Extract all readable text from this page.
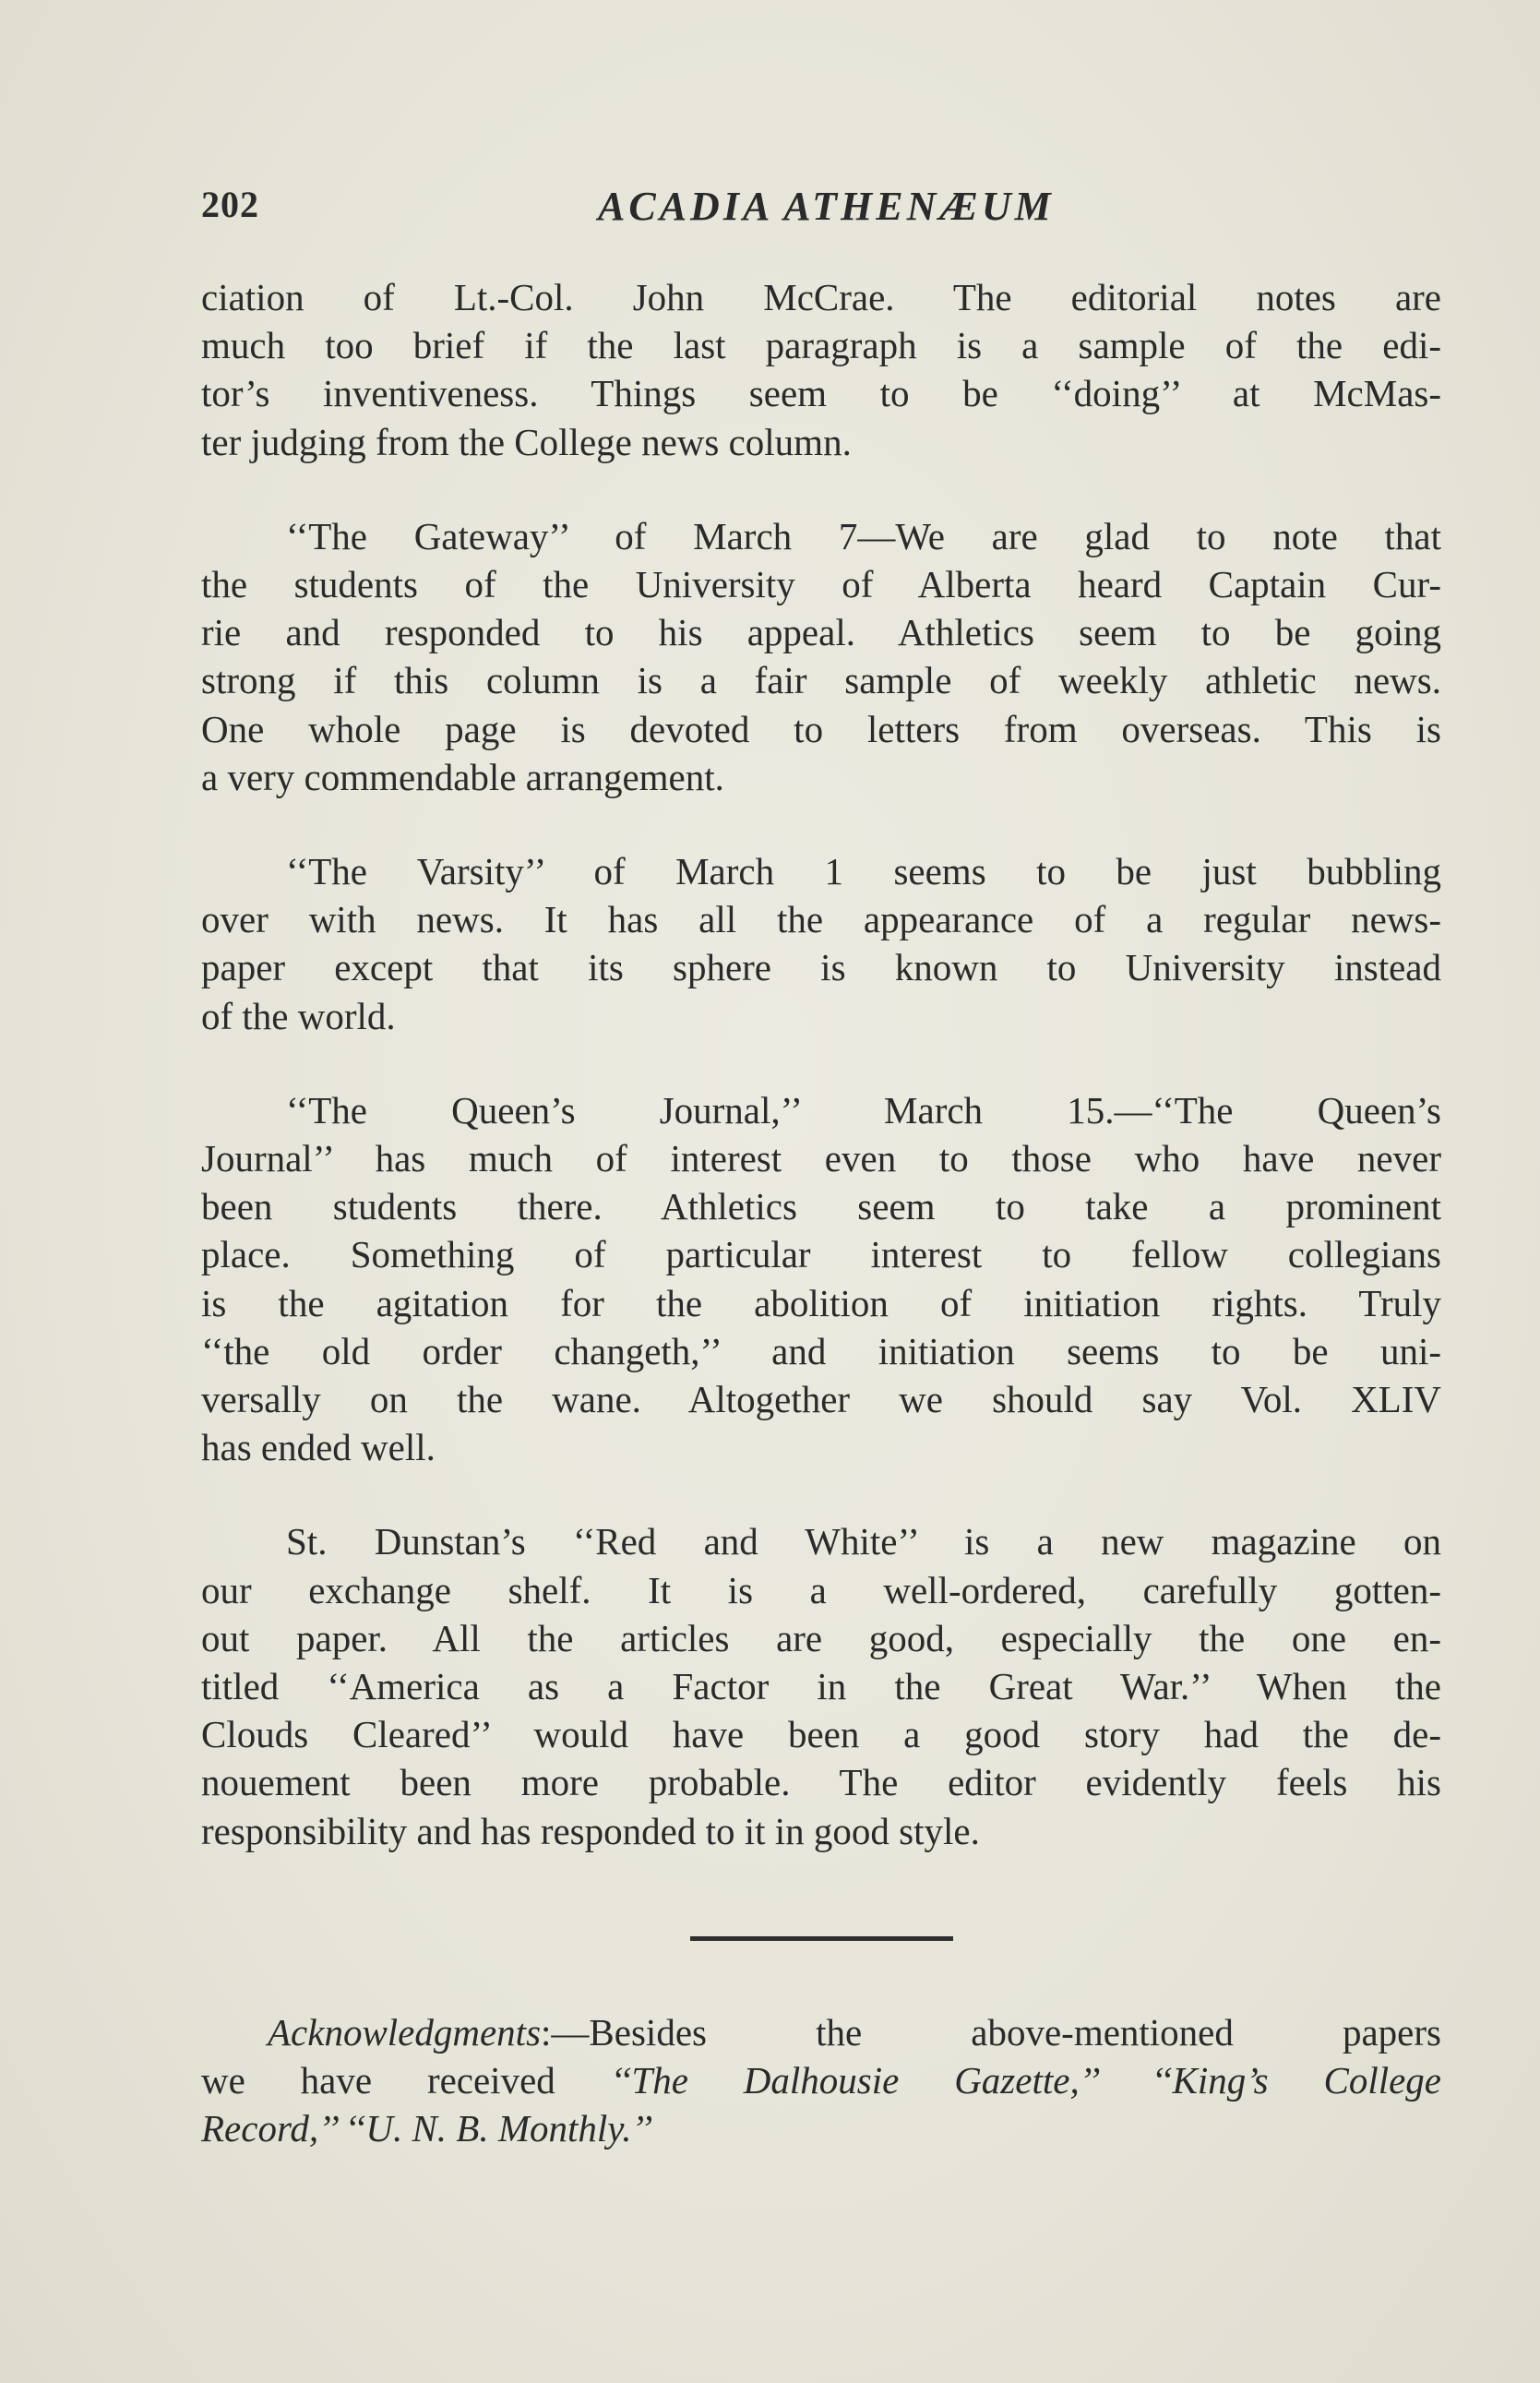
202	ACADIA ATHENÆUM

ciation of Lt.-Col. John McCrae. The editorial notes are
much too brief if the last paragraph is a sample of the edi-
tor’s inventiveness. Things seem to be ‘‘doing’’ at McMas-
ter judging from the College news column.

‘‘The Gateway’’ of March 7—We are glad to note that
the students of the University of Alberta heard Captain Cur-
rie and responded to his appeal. Athletics seem to be going
strong if this column is a fair sample of weekly athletic news.
One whole page is devoted to letters from overseas. This is
a very commendable arrangement.

‘‘The Varsity’’ of March 1 seems to be just bubbling
over with news. It has all the appearance of a regular news-
paper except that its sphere is known to University instead
of the world.

‘‘The Queen’s Journal,’’ March 15.—‘‘The Queen’s
Journal’’ has much of interest even to those who have never
been students there. Athletics seem to take a prominent
place. Something of particular interest to fellow collegians
is the agitation for the abolition of initiation rights. Truly
‘‘the old order changeth,’’ and initiation seems to be uni-
versally on the wane. Altogether we should say Vol. XLIV
has ended well.

St. Dunstan’s ‘‘Red and White’’ is a new magazine on
our exchange shelf. It is a well-ordered, carefully gotten-
out paper. All the articles are good, especially the one en-
titled ‘‘America as a Factor in the Great War.’’ When the
Clouds Cleared’’ would have been a good story had the de-
nouement been more probable. The editor evidently feels his
responsibility and has responded to it in good style.

Acknowledgments:—Besides the above-mentioned papers
we have received ‘‘The Dalhousie Gazette,’’ ‘‘King’s College
Record,’’ ‘‘U. N. B. Monthly.’’
